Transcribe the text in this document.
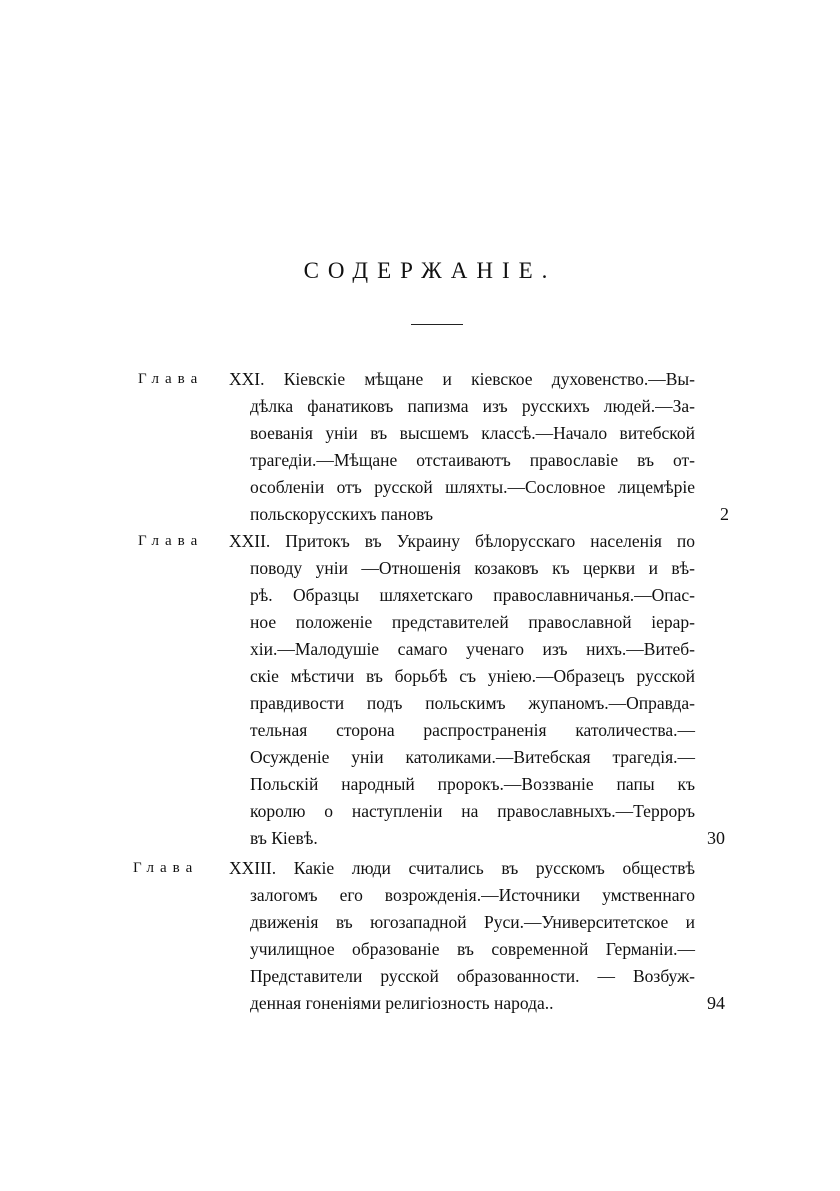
СОДЕРЖАНІЕ.
Глава XXI. Кіевскіе мѣщане и кіевское духовенство.—Вы-
дѣлка фанатиковъ папизма изъ русскихъ людей.—За-
воеванія уніи въ высшемъ классѣ.—Начало витебской
трагедіи.—Мѣщане отстаиваютъ православіе въ от-
особленіи отъ русской шляхты.—Сословное лицемѣріе
польскорусскихъ пановъ	2
Глава XXII. Притокъ въ Украину бѣлорусскаго населенія по
поводу уніи —Отношенія козаковъ къ церкви и вѣ-
рѣ. Образцы шляхетскаго православничанья.—Опас-
ное положеніе представителей православной іерар-
хіи.—Малодушіе самаго ученаго изъ нихъ.—Витеб-
скіе мѣстичи въ борьбѣ съ уніею.—Образецъ русской
правдивости подъ польскимъ жупаномъ.—Оправда-
тельная сторона распространенія католичества.—
Осужденіе уніи католиками.—Витебская трагедія.—
Польскій народный пророкъ.—Воззваніе папы къ
королю о наступленіи на православныхъ.—Терроръ
въ Кіевѣ.	30
Глава XXIII. Какіе люди считались въ русскомъ обществѣ
залогомъ его возрожденія.—Источники умственнаго
движенія въ югозападной Руси.—Университетское и
училищное образованіе въ современной Германіи.—
Представители русской образованности. — Возбуж-
денная гоненіями религіозность народа..	94
